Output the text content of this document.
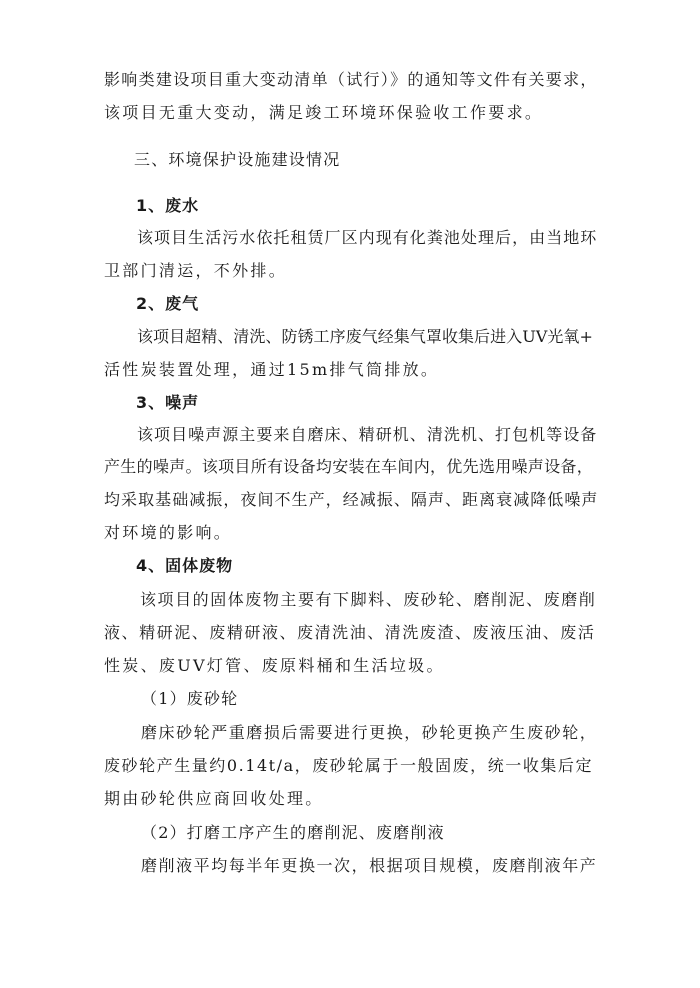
影响类建设项目重大变动清单（试行）》的通知等文件有关要求，
该项目无重大变动，满足竣工环境环保验收工作要求。
三、环境保护设施建设情况
1、废水
该项目生活污水依托租赁厂区内现有化粪池处理后，由当地环
卫部门清运，不外排。
2、废气
该项目超精、清洗、防锈工序废气经集气罩收集后进入UV光氧+
活性炭装置处理，通过15m排气筒排放。
3、噪声
该项目噪声源主要来自磨床、精研机、清洗机、打包机等设备
产生的噪声。该项目所有设备均安装在车间内，优先选用噪声设备，
均采取基础减振，夜间不生产，经减振、隔声、距离衰减降低噪声
对环境的影响。
4、固体废物
该项目的固体废物主要有下脚料、废砂轮、磨削泥、废磨削
液、精研泥、废精研液、废清洗油、清洗废渣、废液压油、废活
性炭、废UV灯管、废原料桶和生活垃圾。
（1）废砂轮
磨床砂轮严重磨损后需要进行更换，砂轮更换产生废砂轮，
废砂轮产生量约0.14t/a，废砂轮属于一般固废，统一收集后定
期由砂轮供应商回收处理。
（2）打磨工序产生的磨削泥、废磨削液
磨削液平均每半年更换一次，根据项目规模，废磨削液年产
